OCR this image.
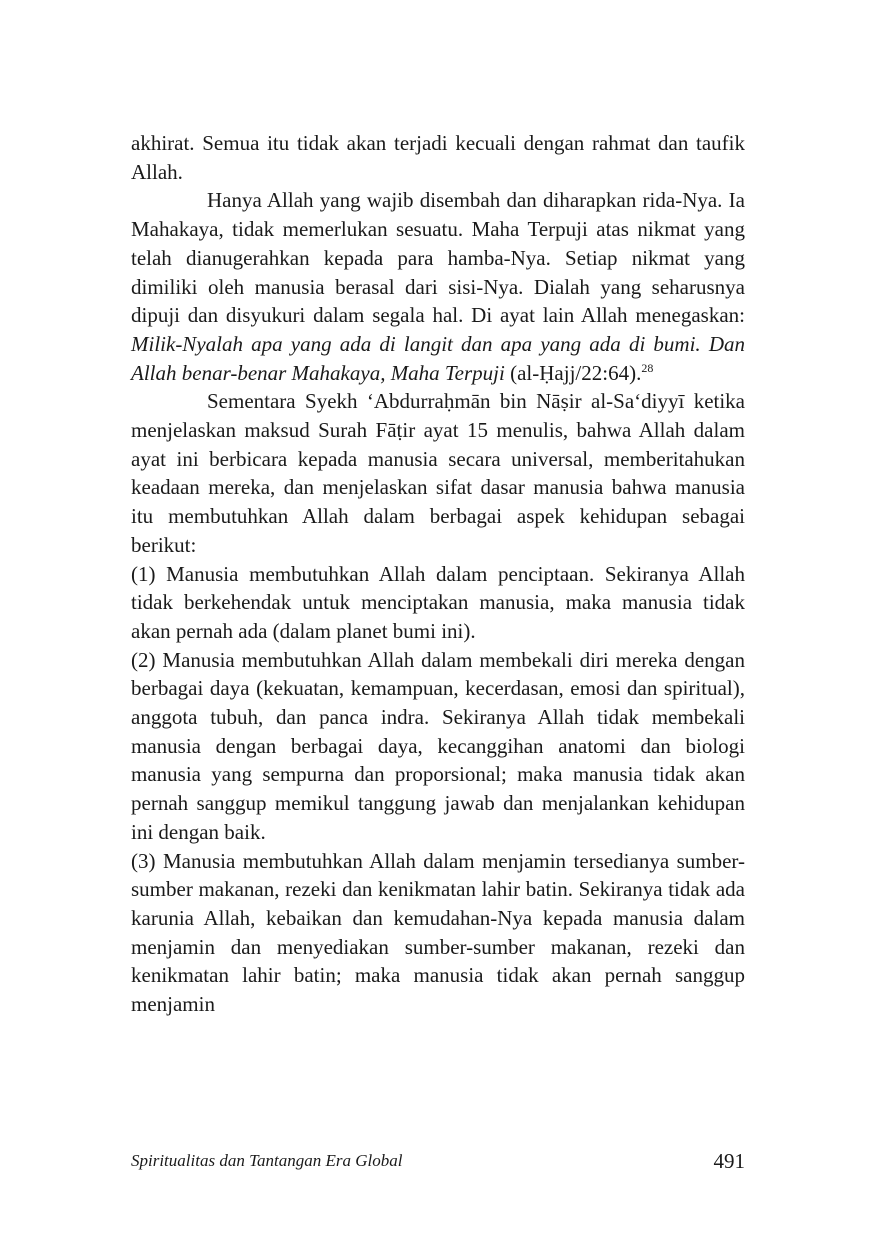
akhirat. Semua itu tidak akan terjadi kecuali dengan rahmat dan taufik Allah.

Hanya Allah yang wajib disembah dan diharapkan rida-Nya. Ia Mahakaya, tidak memerlukan sesuatu. Maha Terpuji atas nikmat yang telah dianugerahkan kepada para hamba-Nya. Setiap nikmat yang dimiliki oleh manusia berasal dari sisi-Nya. Dialah yang seharusnya dipuji dan disyukuri dalam segala hal. Di ayat lain Allah menegaskan: Milik-Nyalah apa yang ada di langit dan apa yang ada di bumi. Dan Allah benar-benar Mahakaya, Maha Terpuji (al-Ḥajj/22:64).$^{28}$

Sementara Syekh ‘Abdurraḥmān bin Nāṣir al-Sa‘diyyī ketika menjelaskan maksud Surah Fāṭir ayat 15 menulis, bahwa Allah dalam ayat ini berbicara kepada manusia secara universal, memberitahukan keadaan mereka, dan menjelaskan sifat dasar manusia bahwa manusia itu membutuhkan Allah dalam berbagai aspek kehidupan sebagai berikut:

(1) Manusia membutuhkan Allah dalam penciptaan. Sekiranya Allah tidak berkehendak untuk menciptakan manusia, maka manusia tidak akan pernah ada (dalam planet bumi ini).

(2) Manusia membutuhkan Allah dalam membekali diri mereka dengan berbagai daya (kekuatan, kemampuan, kecerdasan, emosi dan spiritual), anggota tubuh, dan panca indra. Sekiranya Allah tidak membekali manusia dengan berbagai daya, kecanggihan anatomi dan biologi manusia yang sempurna dan proporsional; maka manusia tidak akan pernah sanggup memikul tanggung jawab dan menjalankan kehidupan ini dengan baik.

(3) Manusia membutuhkan Allah dalam menjamin tersedianya sumber-sumber makanan, rezeki dan kenikmatan lahir batin. Sekiranya tidak ada karunia Allah, kebaikan dan kemudahan-Nya kepada manusia dalam menjamin dan menyediakan sumber-sumber makanan, rezeki dan kenikmatan lahir batin; maka manusia tidak akan pernah sanggup menjamin

Spiritualitas dan Tantangan Era Global	491
